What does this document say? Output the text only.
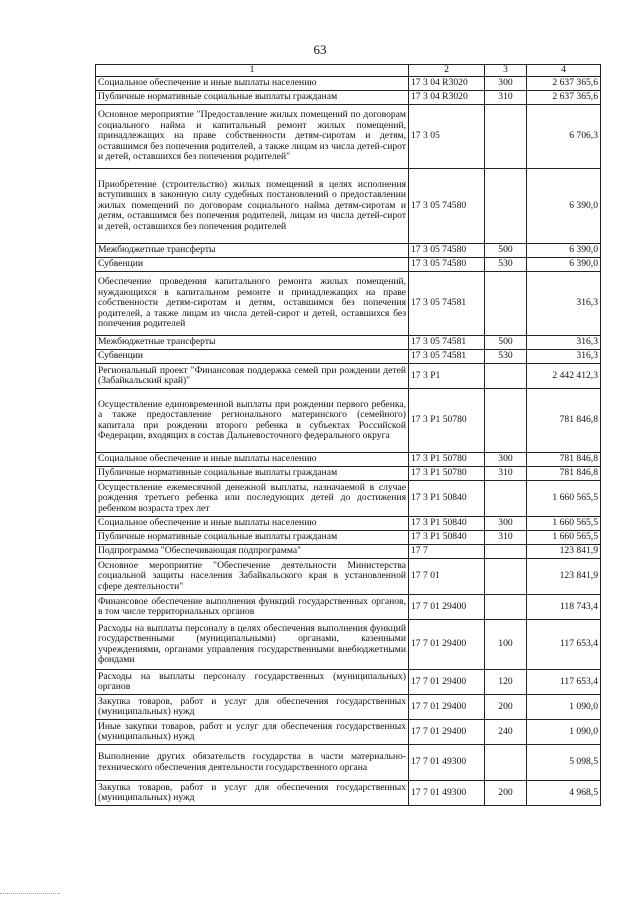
63
1	2	3	4
Социальное обеспечение и иные выплаты населению	17 3 04 R3020	300	2 637 365,6
Публичные нормативные социальные выплаты гражданам	17 3 04 R3020	310	2 637 365,6
Основное мероприятие "Предоставление жилых помещений по договорам социального найма и капитальный ремонт жилых помещений, принадлежащих на праве собственности детям-сиротам и детям, оставшимся без попечения родителей, а также лицам из числа детей-сирот и детей, оставшихся без попечения родителей"	17 3 05		6 706,3
Приобретение (строительство) жилых помещений в целях исполнения вступивших в законную силу судебных постановлений о предоставлении жилых помещений по договорам социального найма детям-сиротам и детям, оставшимся без попечения родителей, лицам из числа детей-сирот и детей, оставшихся без попечения родителей	17 3 05 74580		6 390,0
Межбюджетные трансферты	17 3 05 74580	500	6 390,0
Субвенции	17 3 05 74580	530	6 390,0
Обеспечение проведения капитального ремонта жилых помещений, нуждающихся в капитальном ремонте и принадлежащих на праве собственности детям-сиротам и детям, оставшимся без попечения родителей, а также лицам из числа детей-сирот и детей, оставшихся без попечения родителей	17 3 05 74581		316,3
Межбюджетные трансферты	17 3 05 74581	500	316,3
Субвенции	17 3 05 74581	530	316,3
Региональный проект "Финансовая поддержка семей при рождении детей (Забайкальский край)"	17 3 P1		2 442 412,3
Осуществление единовременной выплаты при рождении первого ребенка, а также предоставление регионального материнского (семейного) капитала при рождении второго ребенка в субъектах Российской Федерации, входящих в состав Дальневосточного федерального округа	17 3 P1 50780		781 846,8
Социальное обеспечение и иные выплаты населению	17 3 P1 50780	300	781 846,8
Публичные нормативные социальные выплаты гражданам	17 3 P1 50780	310	781 846,8
Осуществление ежемесячной денежной выплаты, назначаемой в случае рождения третьего ребенка или последующих детей до достижения ребенком возраста трех лет	17 3 P1 50840		1 660 565,5
Социальное обеспечение и иные выплаты населению	17 3 P1 50840	300	1 660 565,5
Публичные нормативные социальные выплаты гражданам	17 3 P1 50840	310	1 660 565,5
Подпрограмма "Обеспечивающая подпрограмма"	17 7		123 841,9
Основное мероприятие "Обеспечение деятельности Министерства социальной защиты населения Забайкальского края в установленной сфере деятельности"	17 7 01		123 841,9
Финансовое обеспечение выполнения функций государственных органов, в том числе территориальных органов	17 7 01 29400		118 743,4
Расходы на выплаты персоналу в целях обеспечения выполнения функций государственными (муниципальными) органами, казенными учреждениями, органами управления государственными внебюджетными фондами	17 7 01 29400	100	117 653,4
Расходы на выплаты персоналу государственных (муниципальных) органов	17 7 01 29400	120	117 653,4
Закупка товаров, работ и услуг для обеспечения государственных (муниципальных) нужд	17 7 01 29400	200	1 090,0
Иные закупки товаров, работ и услуг для обеспечения государственных (муниципальных) нужд	17 7 01 29400	240	1 090,0
Выполнение других обязательств государства в части материально-технического обеспечения деятельности государственного органа	17 7 01 49300		5 098,5
Закупка товаров, работ и услуг для обеспечения государственных (муниципальных) нужд	17 7 01 49300	200	4 968,5
